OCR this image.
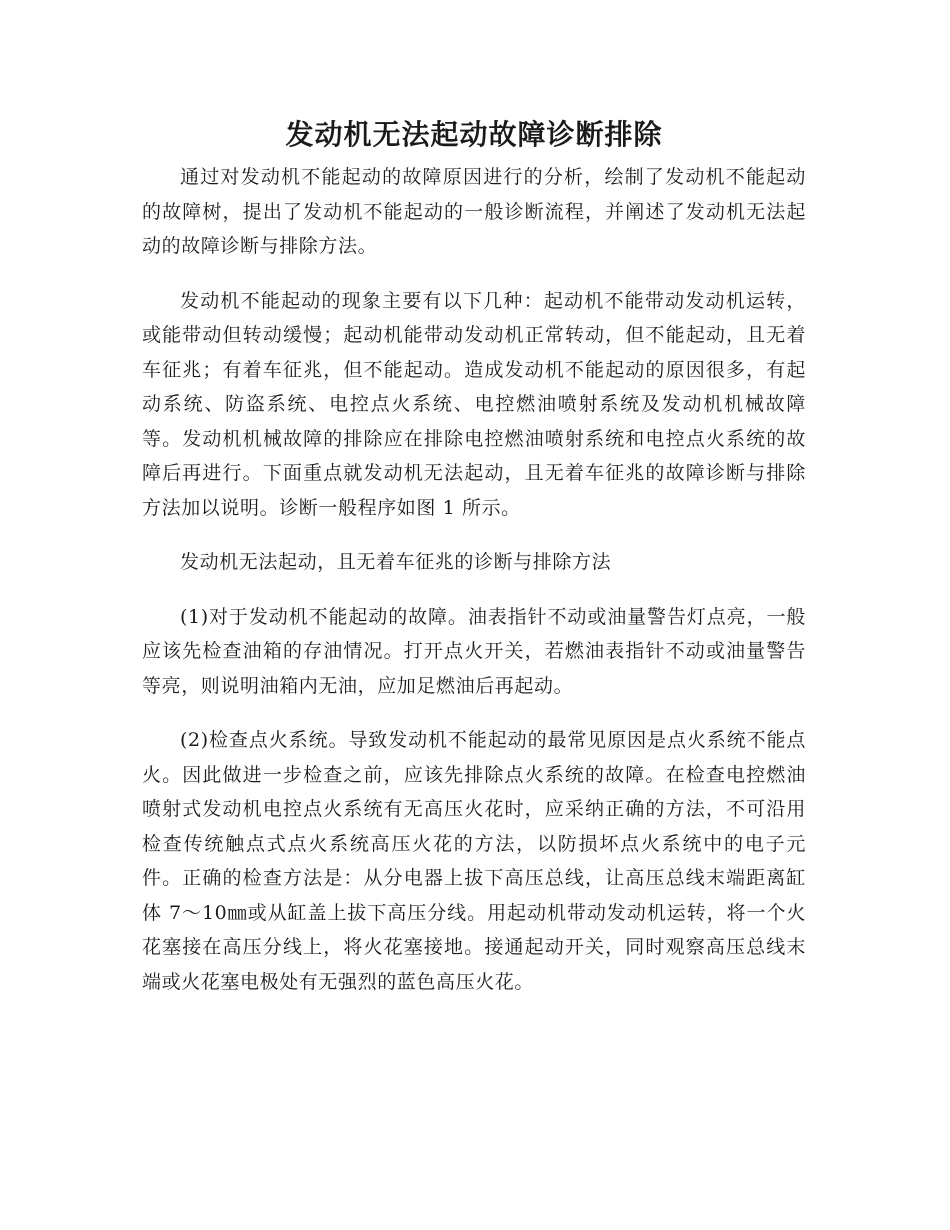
发动机无法起动故障诊断排除

通过对发动机不能起动的故障原因进行的分析，绘制了发动机不能起动的故障树，提出了发动机不能起动的一般诊断流程，并阐述了发动机无法起动的故障诊断与排除方法。

发动机不能起动的现象主要有以下几种：起动机不能带动发动机运转，或能带动但转动缓慢；起动机能带动发动机正常转动，但不能起动，且无着车征兆；有着车征兆，但不能起动。造成发动机不能起动的原因很多，有起动系统、防盗系统、电控点火系统、电控燃油喷射系统及发动机机械故障等。发动机机械故障的排除应在排除电控燃油喷射系统和电控点火系统的故障后再进行。下面重点就发动机无法起动，且无着车征兆的故障诊断与排除方法加以说明。诊断一般程序如图 1 所示。

发动机无法起动，且无着车征兆的诊断与排除方法

(1)对于发动机不能起动的故障。油表指针不动或油量警告灯点亮，一般应该先检查油箱的存油情况。打开点火开关，若燃油表指针不动或油量警告等亮，则说明油箱内无油，应加足燃油后再起动。

(2)检查点火系统。导致发动机不能起动的最常见原因是点火系统不能点火。因此做进一步检查之前，应该先排除点火系统的故障。在检查电控燃油喷射式发动机电控点火系统有无高压火花时，应采纳正确的方法，不可沿用检查传统触点式点火系统高压火花的方法，以防损坏点火系统中的电子元件。正确的检查方法是：从分电器上拔下高压总线，让高压总线末端距离缸体 7～10㎜或从缸盖上拔下高压分线。用起动机带动发动机运转，将一个火花塞接在高压分线上，将火花塞接地。接通起动开关，同时观察高压总线末端或火花塞电极处有无强烈的蓝色高压火花。
